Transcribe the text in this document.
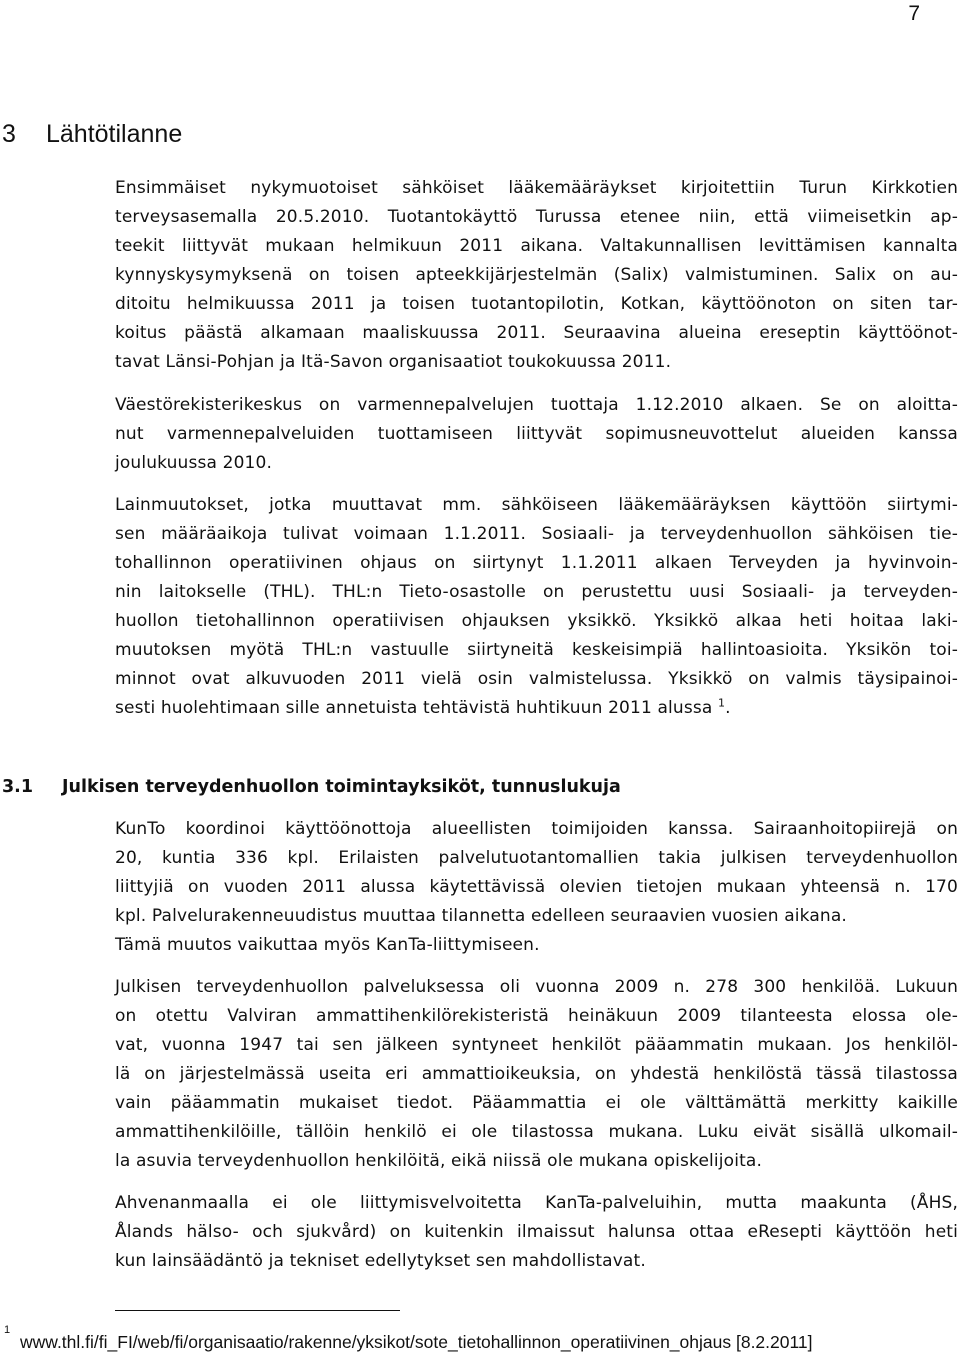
7
3 Lähtötilanne
Ensimmäiset nykymuotoiset sähköiset lääkemääräykset kirjoitettiin Turun Kirkkotien
terveysasemalla 20.5.2010. Tuotantokäyttö Turussa etenee niin, että viimeisetkin ap-
teekit liittyvät mukaan helmikuun 2011 aikana. Valtakunnallisen levittämisen kannalta
kynnyskysymyksenä on toisen apteekkijärjestelmän (Salix) valmistuminen. Salix on au-
ditoitu helmikuussa 2011 ja toisen tuotantopilotin, Kotkan, käyttöönoton on siten tar-
koitus päästä alkamaan maaliskuussa 2011. Seuraavina alueina ereseptin käyttöönot-
tavat Länsi-Pohjan ja Itä-Savon organisaatiot toukokuussa 2011.
Väestörekisterikeskus on varmennepalvelujen tuottaja 1.12.2010 alkaen. Se on aloitta-
nut varmennepalveluiden tuottamiseen liittyvät sopimusneuvottelut alueiden kanssa
joulukuussa 2010.
Lainmuutokset, jotka muuttavat mm. sähköiseen lääkemääräyksen käyttöön siirtymi-
sen määräaikoja tulivat voimaan 1.1.2011. Sosiaali- ja terveydenhuollon sähköisen tie-
tohallinnon operatiivinen ohjaus on siirtynyt 1.1.2011 alkaen Terveyden ja hyvinvoin-
nin laitokselle (THL). THL:n Tieto-osastolle on perustettu uusi Sosiaali- ja terveyden-
huollon tietohallinnon operatiivisen ohjauksen yksikkö. Yksikkö alkaa heti hoitaa laki-
muutoksen myötä THL:n vastuulle siirtyneitä keskeisimpiä hallintoasioita. Yksikön toi-
minnot ovat alkuvuoden 2011 vielä osin valmistelussa. Yksikkö on valmis täysipainoi-
sesti huolehtimaan sille annetuista tehtävistä huhtikuun 2011 alussa $^1$.
3.1 Julkisen terveydenhuollon toimintayksiköt, tunnuslukuja
KunTo koordinoi käyttöönottoja alueellisten toimijoiden kanssa. Sairaanhoitopiirejä on
20, kuntia 336 kpl. Erilaisten palvelutuotantomallien takia julkisen terveydenhuollon
liittyjiä on vuoden 2011 alussa käytettävissä olevien tietojen mukaan yhteensä n. 170
kpl. Palvelurakenneuudistus muuttaa tilannetta edelleen seuraavien vuosien aikana.
Tämä muutos vaikuttaa myös KanTa-liittymiseen.
Julkisen terveydenhuollon palveluksessa oli vuonna 2009 n. 278 300 henkilöä. Lukuun
on otettu Valviran ammattihenkilörekisteristä heinäkuun 2009 tilanteesta elossa ole-
vat, vuonna 1947 tai sen jälkeen syntyneet henkilöt pääammatin mukaan. Jos henkilöl-
lä on järjestelmässä useita eri ammattioikeuksia, on yhdestä henkilöstä tässä tilastossa
vain pääammatin mukaiset tiedot. Pääammattia ei ole välttämättä merkitty kaikille
ammattihenkilöille, tällöin henkilö ei ole tilastossa mukana. Luku eivät sisällä ulkomail-
la asuvia terveydenhuollon henkilöitä, eikä niissä ole mukana opiskelijoita.
Ahvenanmaalla ei ole liittymisvelvoitetta KanTa-palveluihin, mutta maakunta (ÅHS,
Ålands hälso- och sjukvård) on kuitenkin ilmaissut halunsa ottaa eResepti käyttöön heti
kun lainsäädäntö ja tekniset edellytykset sen mahdollistavat.
1
www.thl.fi/fi_FI/web/fi/organisaatio/rakenne/yksikot/sote_tietohallinnon_operatiivinen_ohjaus [8.2.2011]
